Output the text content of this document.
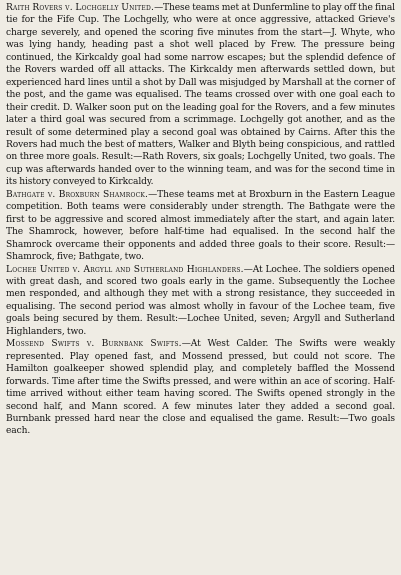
Raith Rovers v. Lochgelly United.—These teams met at Dunfermline to play off the final tie for the Fife Cup. The Lochgelly, who were at once aggressive, attacked Grieve's charge severely, and opened the scoring five minutes from the start—J. Whyte, who was lying handy, heading past a shot well placed by Frew. The pressure being continued, the Kirkcaldy goal had some narrow escapes; but the splendid defence of the Rovers warded off all attacks. The Kirkcaldy men afterwards settled down, but experienced hard lines until a shot by Dall was misjudged by Marshall at the corner of the post, and the game was equalised. The teams crossed over with one goal each to their credit. D. Walker soon put on the leading goal for the Rovers, and a few minutes later a third goal was secured from a scrimmage. Lochgelly got another, and as the result of some determined play a second goal was obtained by Cairns. After this the Rovers had much the best of matters, Walker and Blyth being conspicious, and rattled on three more goals. Result:—Rath Rovers, six goals; Lochgelly United, two goals. The cup was afterwards handed over to the winning team, and was for the second time in its history conveyed to Kirkcaldy.

Bathgate v. Broxburn Shamrock.—These teams met at Broxburn in the Eastern League competition. Both teams were considerably under strength. The Bathgate were the first to be aggressive and scored almost immediately after the start, and again later. The Shamrock, however, before half-time had equalised. In the second half the Shamrock overcame their opponents and added three goals to their score. Result:—Shamrock, five; Bathgate, two.

Lochee United v. Argyll and Sutherland Highlanders.—At Lochee. The soldiers opened with great dash, and scored two goals early in the game. Subsequently the Lochee men responded, and although they met with a strong resistance, they succeeded in equalising. The second period was almost wholly in favour of the Lochee team, five goals being secured by them. Result:—Lochee United, seven; Argyll and Sutherland Highlanders, two.

Mossend Swifts v. Burnbank Swifts.—At West Calder. The Swifts were weakly represented. Play opened fast, and Mossend pressed, but could not score. The Hamilton goalkeeper showed splendid play, and completely baffled the Mossend forwards. Time after time the Swifts pressed, and were within an ace of scoring. Half-time arrived without either team having scored. The Swifts opened strongly in the second half, and Mann scored. A few minutes later they added a second goal. Burnbank pressed hard near the close and equalised the game. Result:—Two goals each.
